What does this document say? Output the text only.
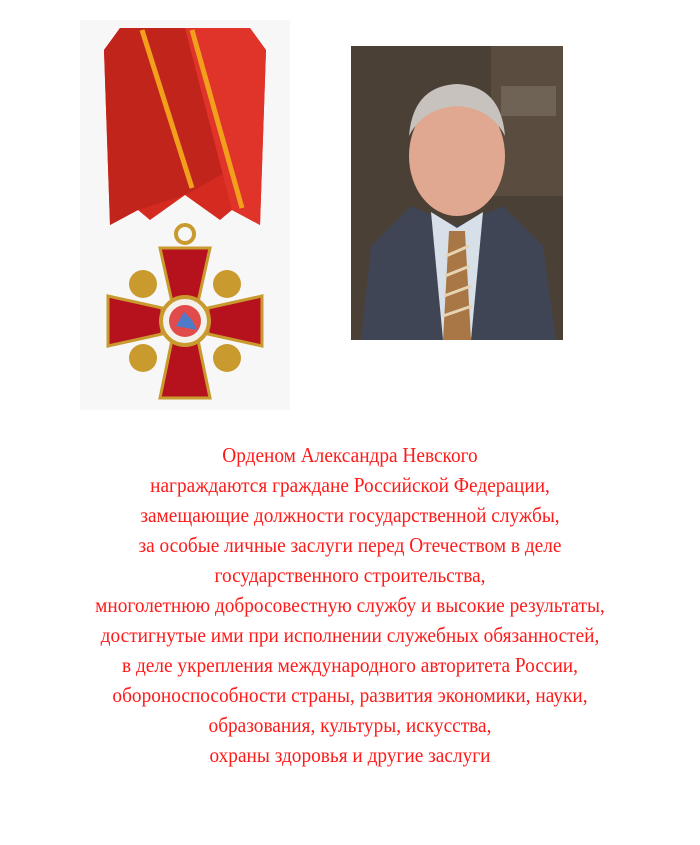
Орденом Александра Невского
награждаются граждане Российской Федерации,
замещающие должности государственной службы,
за особые личные заслуги перед Отечеством в деле
государственного строительства,
многолетнюю добросовестную службу и высокие результаты,
достигнутые ими при исполнении служебных обязанностей,
в деле укрепления международного авторитета России,
обороноспособности страны, развития экономики, науки,
образования, культуры, искусства,
охраны здоровья и другие заслуги
